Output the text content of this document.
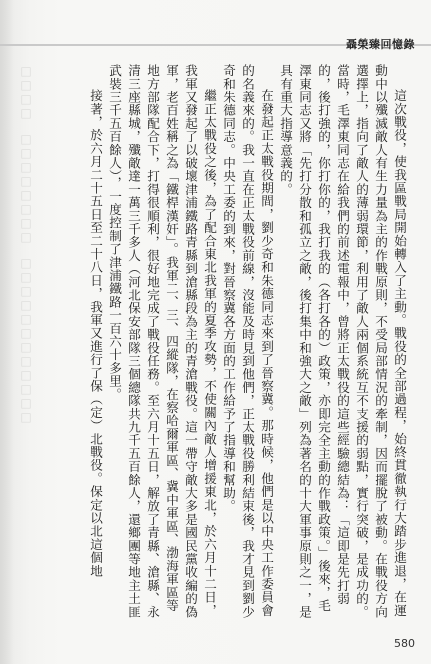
□□□□　□□□□□□□□　□□□□□□□□□□□□
聶榮臻回憶錄

這次戰役，使我區戰局開始轉入了主動。戰役的全部過程，始終貫徹執行大踏步進退，在運動中以殲滅敵人有生力量為主的作戰原則，不受局部情況的牽制，因而擺脫了被動。在戰役方向選擇上，指向了敵人的薄弱環節，利用了敵人兩個系統互不支援的弱點，實行突破，是成功的。當時，毛澤東同志在給我們的前述電報中，曾將正太戰役的這些經驗總結為：「這即是先打弱的，後打強的，你打你的，我打我的（各打各的）政策，亦即完全主動的作戰政策。」後來，毛澤東同志又將「先打分散和孤立之敵，後打集中和強大之敵」列為著名的十大軍事原則之一，是具有重大指導意義的。

在發起正太戰役期間，劉少奇和朱德同志來到了晉察冀。那時候，他們是以中央工作委員會的名義來的。我一直在正太戰役前線，沒能及時見到他們，正太戰役勝利結束後，我才見到劉少奇和朱德同志。中央工委的到來，對晉察冀各方面的工作給予了指導和幫助。

繼正太戰役之後，為了配合東北我軍的夏季攻勢，不使關內敵人增援東北，於六月十二日，我軍又發起了以破壞津浦鐵路青縣到滄縣段為主的青滄戰役。這一帶守敵大多是國民黨收編的偽軍，老百姓稱之為「鐵桿漢奸」。我軍二、三、四縱隊，在察哈爾軍區、冀中軍區、渤海軍區等地方部隊配合下，打得很順利，很好地完成了戰役任務。至六月十五日，解放了青縣、滄縣、永清三座縣城，殲敵達一萬三千多人（河北保安部隊三個總隊共九千五百餘人，還鄉團等地主土匪武裝三千五百餘人），一度控制了津浦鐵路一百六十多里。

接著，於六月二十五日至二十八日，我軍又進行了保（定）北戰役。保定以北這個地

580
